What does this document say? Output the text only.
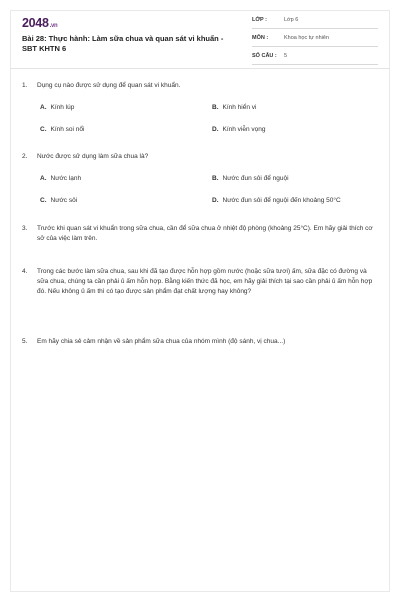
2048.vn
Bài 28: Thực hành: Làm sữa chua và quan sát vi khuẩn - SBT KHTN 6
LỚP :	Lớp 6
MÔN :	Khoa học tự nhiên
SỐ CÂU : 5
1. Dụng cụ nào được sử dụng để quan sát vi khuẩn.
A. Kính lúp	B. Kính hiển vi
C. Kính soi nổi	D. Kính viễn vọng
2. Nước được sử dụng làm sữa chua là?
A. Nước lạnh	B. Nước đun sôi để nguội
C. Nước sôi	D. Nước đun sôi để nguội đến khoảng 50°C
3. Trước khi quan sát vi khuẩn trong sữa chua, cần để sữa chua ở nhiệt độ phòng (khoảng 25°C). Em hãy giải thích cơ sở của việc làm trên.
4. Trong các bước làm sữa chua, sau khi đã tạo được hỗn hợp gồm nước (hoặc sữa tươi) ấm, sữa đặc có đường và sữa chua, chúng ta cần phải ủ ấm hỗn hợp. Bằng kiến thức đã học, em hãy giải thích tại sao cần phải ủ ấm hỗn hợp đó. Nếu không ủ ấm thì có tạo được sản phẩm đạt chất lượng hay không?
5. Em hãy chia sẻ cảm nhận về sản phẩm sữa chua của nhóm mình (độ sánh, vị chua...)
